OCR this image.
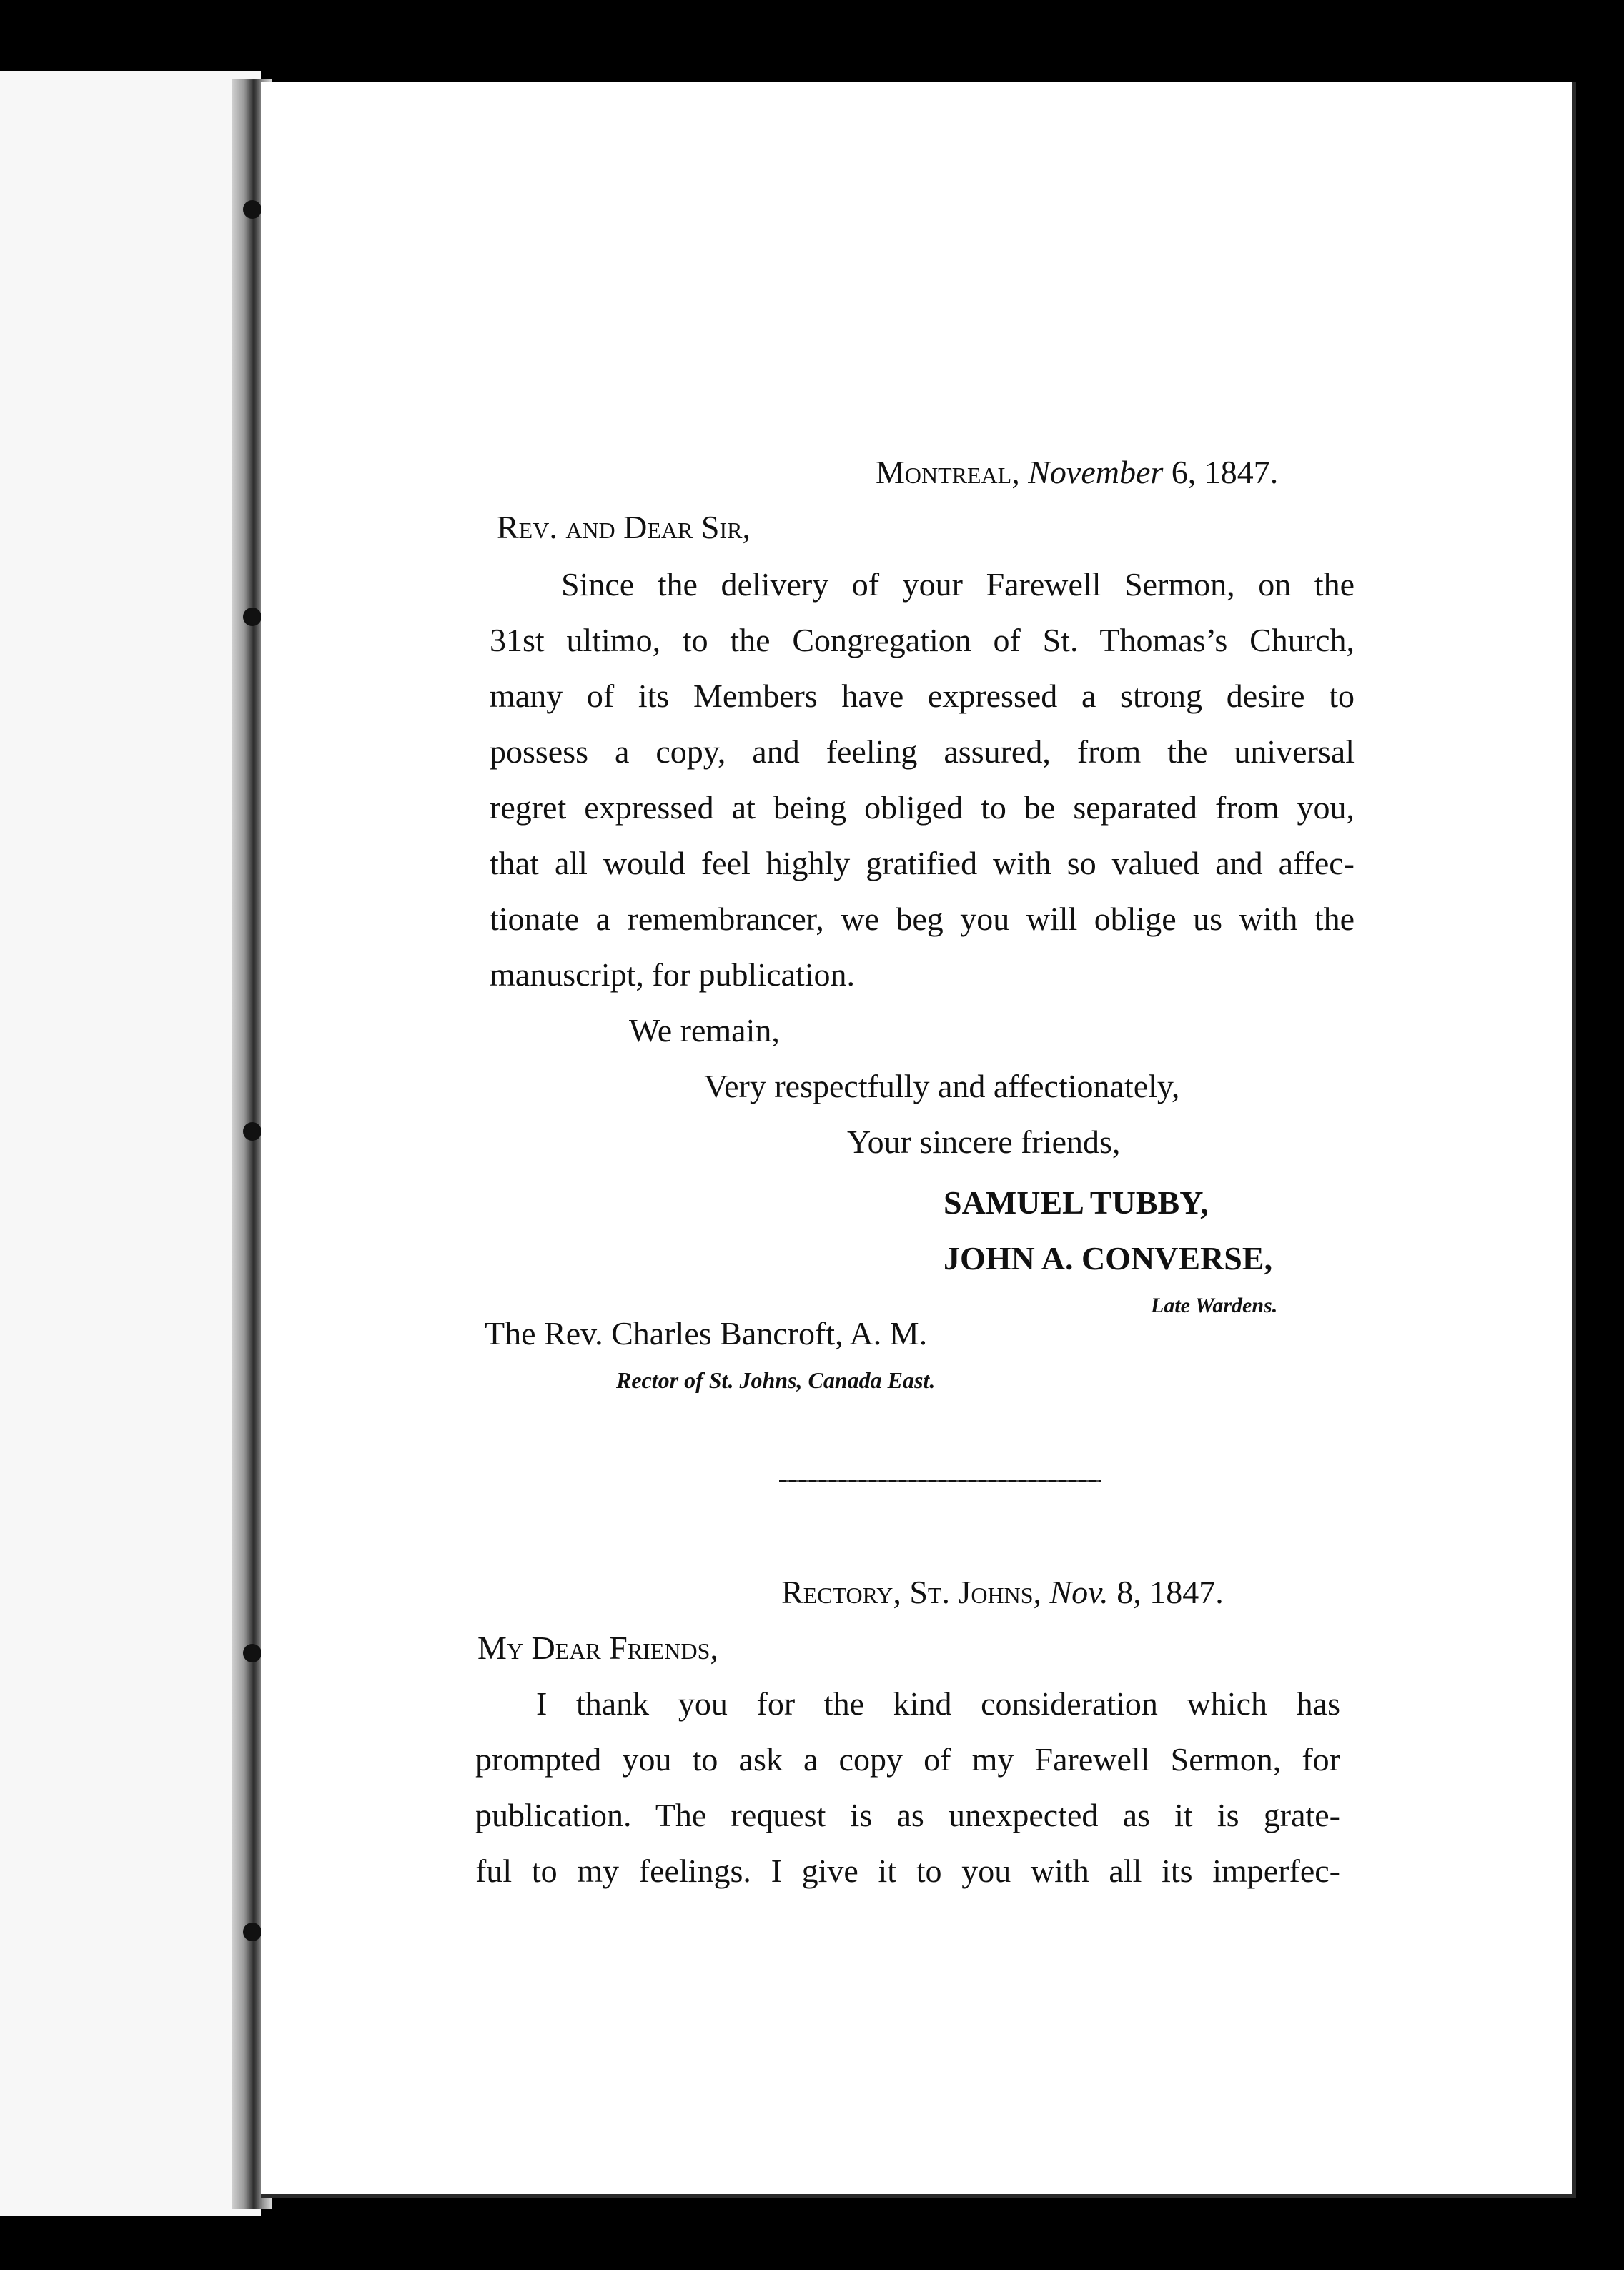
Montreal, November 6, 1847.
Rev. and Dear Sir,
Since the delivery of your Farewell Sermon, on the
31st ultimo, to the Congregation of St. Thomas’s Church,
many of its Members have expressed a strong desire to
possess a copy, and feeling assured, from the universal
regret expressed at being obliged to be separated from you,
that all would feel highly gratified with so valued and affec-
tionate a remembrancer, we beg you will oblige us with the
manuscript, for publication.
We remain,
Very respectfully and affectionately,
Your sincere friends,
SAMUEL TUBBY,
JOHN A. CONVERSE,
Late Wardens.
The Rev. Charles Bancroft, A. M.
Rector of St. Johns, Canada East.
Rectory, St. Johns, Nov. 8, 1847.
My Dear Friends,
I thank you for the kind consideration which has
prompted you to ask a copy of my Farewell Sermon, for
publication. The request is as unexpected as it is grate-
ful to my feelings. I give it to you with all its imperfec-
